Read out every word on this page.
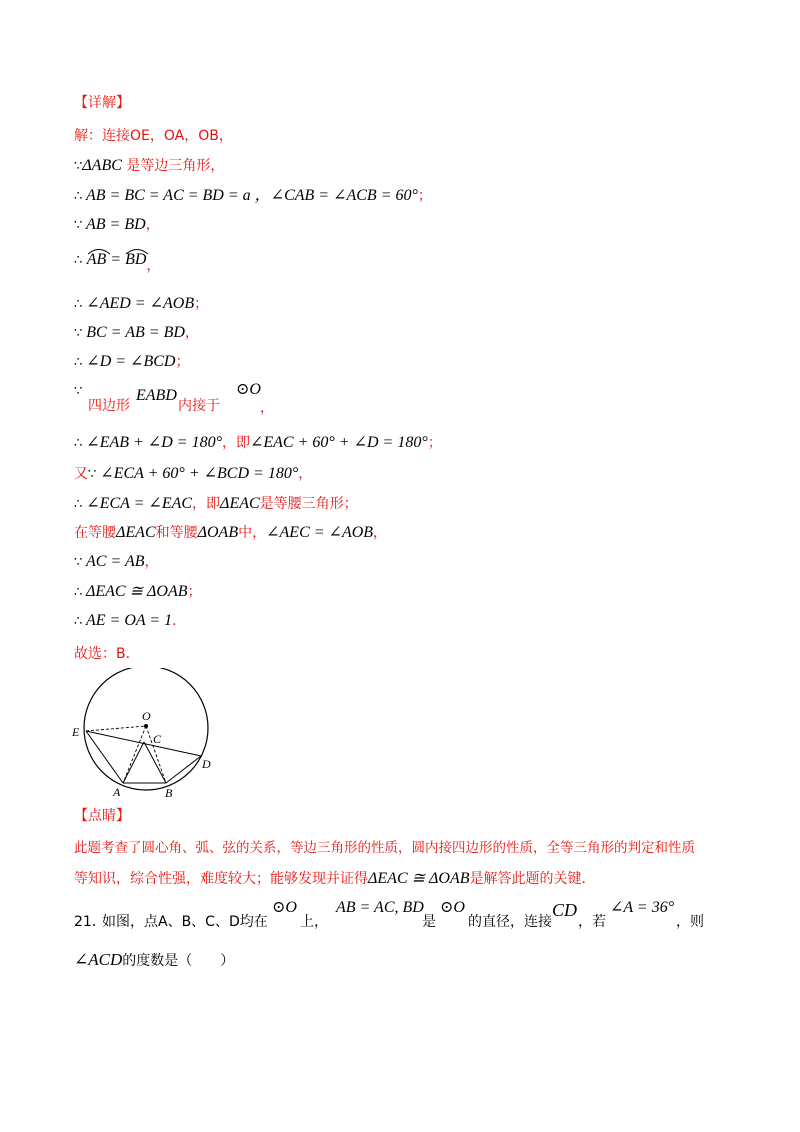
【详解】
解：连接OE，OA，OB，
∵ΔABC 是等边三角形，
∴ AB = BC = AC = BD = a ，∠CAB = ∠ACB = 60°；
∵ AB = BD，
∴ AB =
BD，
∴ ∠AED = ∠AOB；
∵ BC = AB = BD，
∴ ∠D = ∠BCD；
∵
四边形
EABD
内接于
⊙O
，
∴ ∠EAB + ∠D = 180°，即∠EAC + 60° + ∠D = 180°；
又∵ ∠ECA + 60° + ∠BCD = 180°，
∴ ∠ECA = ∠EAC，即ΔEAC是等腰三角形；
在等腰ΔEAC和等腰ΔOAB中，∠AEC = ∠AOB，
∵ AC = AB，
∴ ΔEAC ≅ ΔOAB；
∴ AE = OA = 1．
故选：B．
O
C
E
D
A	B
【点睛】
此题考查了圆心角、弧、弦的关系，等边三角形的性质，圆内接四边形的性质，全等三角形的判定和性质
等知识，综合性强，难度较大；能够发现并证得ΔEAC ≅ ΔOAB是解答此题的关键．
21．
如图，点A、B、C、D均在
⊙O
上，
AB = AC, BD
是
⊙O
的直径，连接
CD
，若
∠A = 36°
，则
∠ACD的度数是（　　）
